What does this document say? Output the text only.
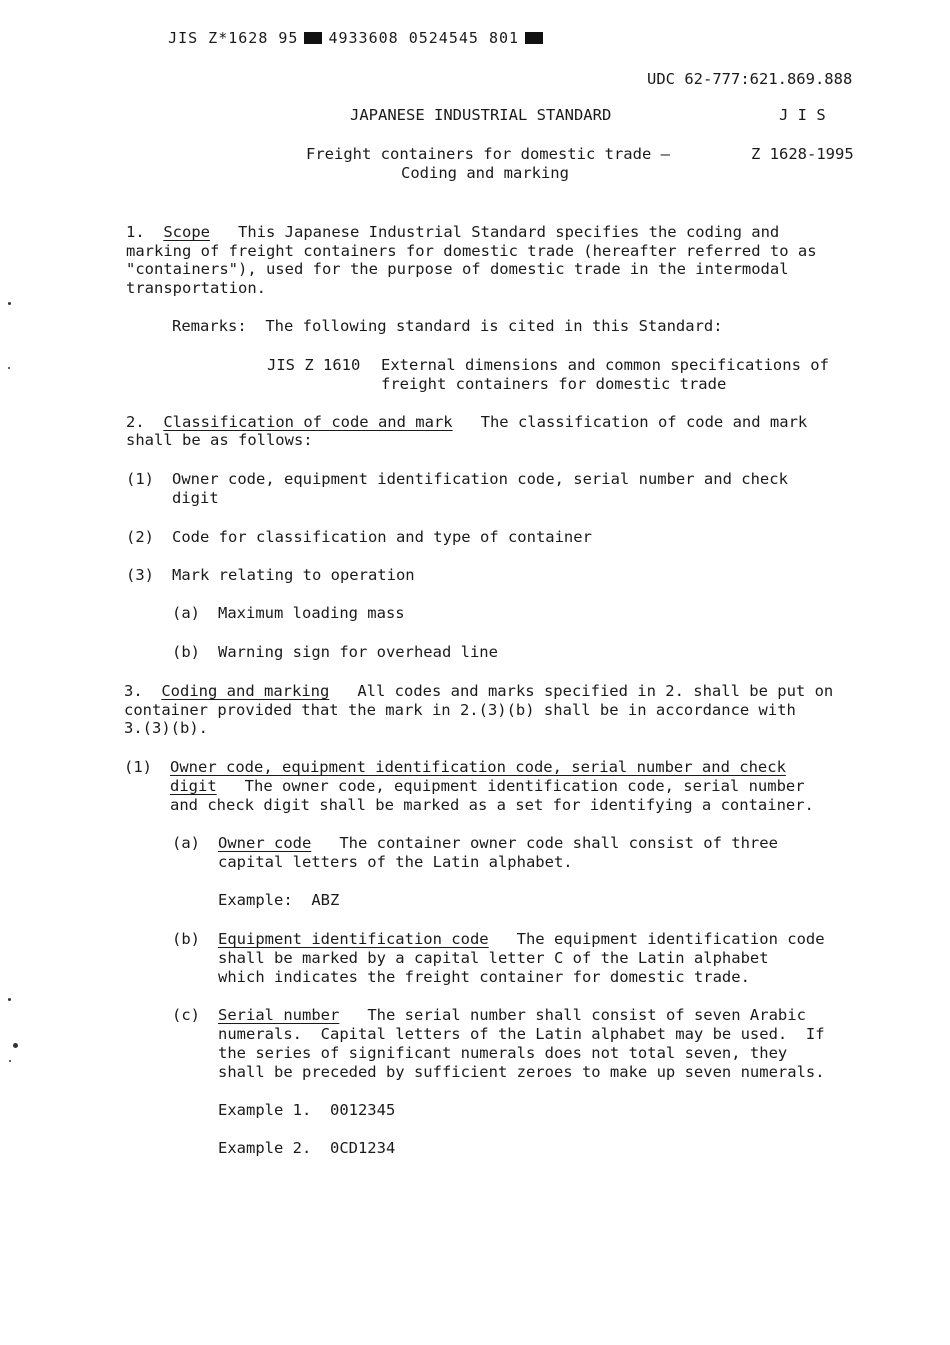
JIS Z*1628 95 4933608 0524545 801

UDC 62-777:621.869.888
JAPANESE INDUSTRIAL STANDARD	J I S
Freight containers for domestic trade —
Coding and marking
Z 1628-1995
1. Scope This Japanese Industrial Standard specifies the coding and
marking of freight containers for domestic trade (hereafter referred to as
"containers"), used for the purpose of domestic trade in the intermodal
transportation.
Remarks: The following standard is cited in this Standard:
JIS Z 1610 External dimensions and common specifications of
freight containers for domestic trade
2. Classification of code and mark The classification of code and mark
shall be as follows:
(1) Owner code, equipment identification code, serial number and check
digit
(2) Code for classification and type of container
(3) Mark relating to operation
(a) Maximum loading mass
(b) Warning sign for overhead line
3. Coding and marking All codes and marks specified in 2. shall be put on
container provided that the mark in 2.(3)(b) shall be in accordance with
3.(3)(b).
(1) Owner code, equipment identification code, serial number and check
digit The owner code, equipment identification code, serial number
and check digit shall be marked as a set for identifying a container.
(a) Owner code The container owner code shall consist of three
capital letters of the Latin alphabet.
Example:  ABZ
(b) Equipment identification code The equipment identification code
shall be marked by a capital letter C of the Latin alphabet
which indicates the freight container for domestic trade.
(c) Serial number The serial number shall consist of seven Arabic
numerals.  Capital letters of the Latin alphabet may be used.  If
the series of significant numerals does not total seven, they
shall be preceded by sufficient zeroes to make up seven numerals.
Example 1.  0012345
Example 2.  0CD1234
